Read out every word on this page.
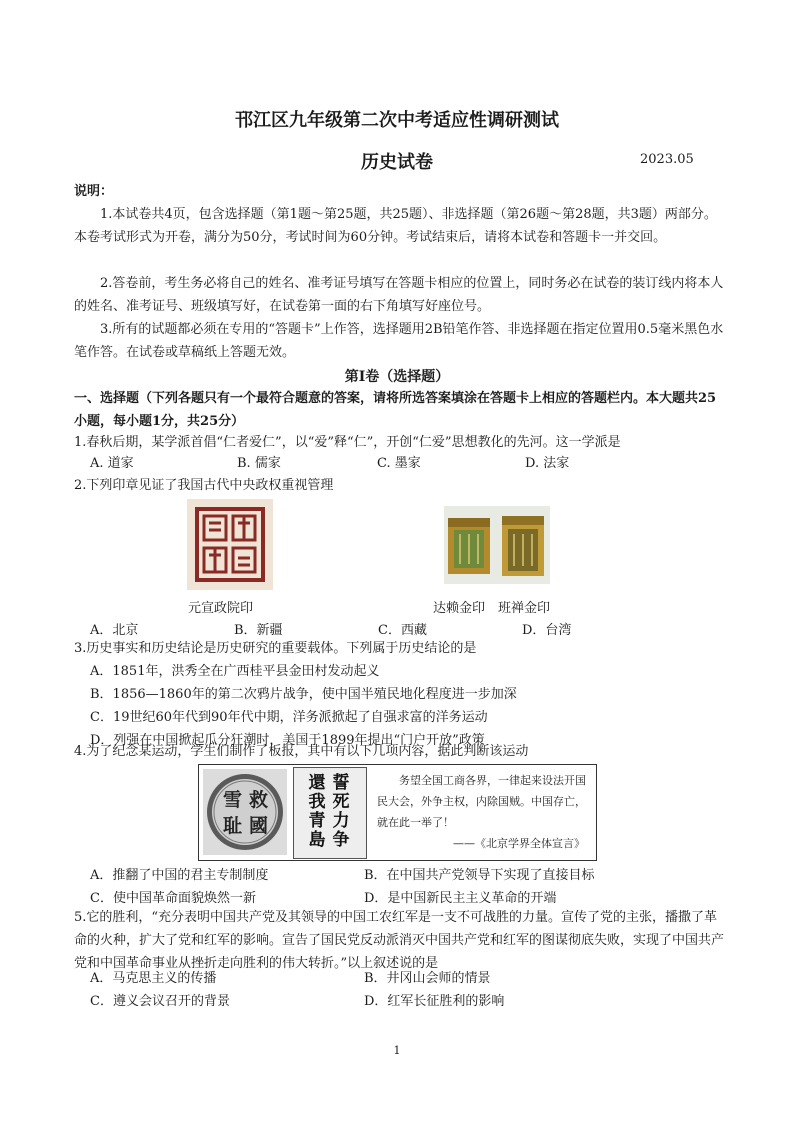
邗江区九年级第二次中考适应性调研测试
历史试卷	2023.05

说明：

1.本试卷共4页，包含选择题（第1题～第25题，共25题）、非选择题（第26题～第28题，共3题）两部分。本卷考试形式为开卷，满分为50分，考试时间为60分钟。考试结束后，请将本试卷和答题卡一并交回。

2.答卷前，考生务必将自己的姓名、准考证号填写在答题卡相应的位置上，同时务必在试卷的装订线内将本人的姓名、准考证号、班级填写好，在试卷第一面的右下角填写好座位号。

3.所有的试题都必须在专用的“答题卡”上作答，选择题用2B铅笔作答、非选择题在指定位置用0.5毫米黑色水笔作答。在试卷或草稿纸上答题无效。

第Ⅰ卷（选择题）

一、选择题（下列各题只有一个最符合题意的答案，请将所选答案填涂在答题卡上相应的答题栏内。本大题共25小题，每小题1分，共25分）

1.春秋后期，某学派首倡“仁者爱仁”，以“爱”释“仁”，开创“仁爱”思想教化的先河。这一学派是

A. 道家	B. 儒家	C. 墨家	D. 法家

2.下列印章见证了我国古代中央政权重视管理

元宣政院印	达赖金印　班禅金印
A．北京	B．新疆	C．西藏	D．台湾

3.历史事实和历史结论是历史研究的重要载体。下列属于历史结论的是

A．1851年，洪秀全在广西桂平县金田村发动起义
B．1856—1860年的第二次鸦片战争，使中国半殖民地化程度进一步加深
C．19世纪60年代到90年代中期，洋务派掀起了自强求富的洋务运动
D．列强在中国掀起瓜分狂潮时，美国于1899年提出“门户开放”政策

4.为了纪念某运动，学生们制作了板报，其中有以下几项内容，据此判断该运动

救
國
雪
耻
誓死力争
還我青島
务望全国工商各界，一律起来设法开国民大会，外争主权，内除国贼。中国存亡，就在此一举了！
——《北京学界全体宣言》
A．推翻了中国的君主专制制度	B．在中国共产党领导下实现了直接目标
C．使中国革命面貌焕然一新	D．是中国新民主主义革命的开端

5.它的胜利，“充分表明中国共产党及其领导的中国工农红军是一支不可战胜的力量。宣传了党的主张，播撒了革命的火种，扩大了党和红军的影响。宣告了国民党反动派消灭中国共产党和红军的图谋彻底失败，实现了中国共产党和中国革命事业从挫折走向胜利的伟大转折。”以上叙述说的是

A．马克思主义的传播	B．井冈山会师的情景
C．遵义会议召开的背景	D．红军长征胜利的影响
1
